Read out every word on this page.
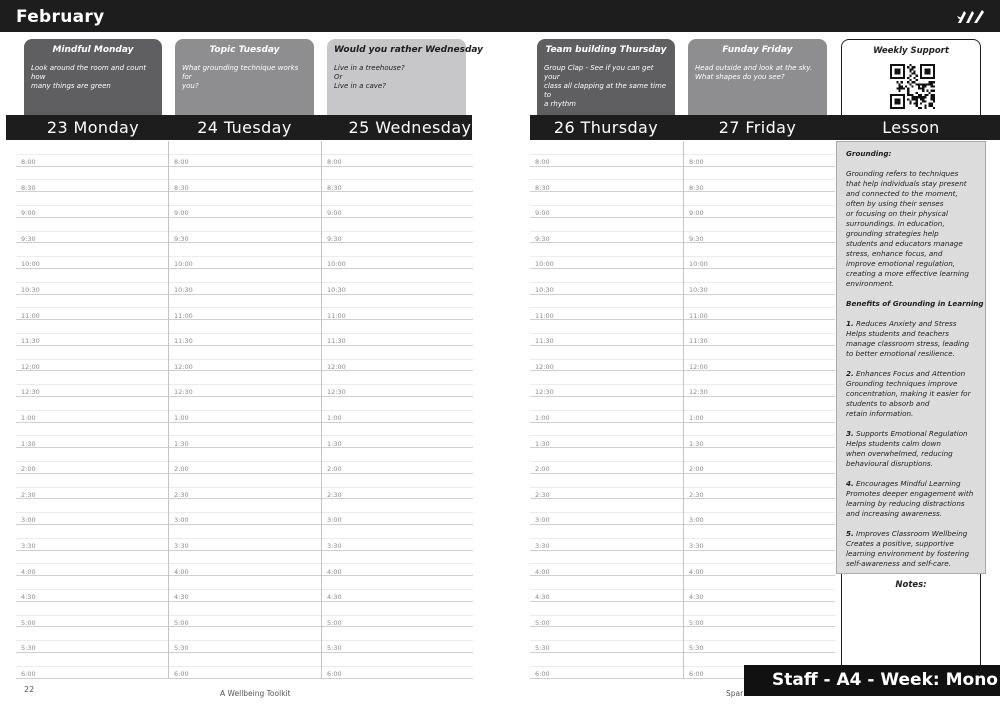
February
Mindful Monday
Look around the room and count how
many things are green
Topic Tuesday
What grounding technique works for
you?
Would you rather Wednesday
Live in a treehouse?
Or
Live in a cave?
Team building Thursday
Group Clap - See if you can get your
class all clapping at the same time to
a rhythm
Funday Friday
Head outside and look at the sky.
What shapes do you see?
Weekly Support
23 Monday	24 Tuesday	25 Wednesday	26 Thursday	27 Friday	Lesson
8:00
8:30
9:00
9:30
10:00
10:30
11:00
11:30
12:00
12:30
1:00
1:30
2:00
2:30
3:00
3:30
4:00
4:30
5:00
5:30
6:00
8:00
8:30
9:00
9:30
10:00
10:30
11:00
11:30
12:00
12:30
1:00
1:30
2:00
2:30
3:00
3:30
4:00
4:30
5:00
5:30
6:00
8:00
8:30
9:00
9:30
10:00
10:30
11:00
11:30
12:00
12:30
1:00
1:30
2:00
2:30
3:00
3:30
4:00
4:30
5:00
5:30
6:00
8:00
8:30
9:00
9:30
10:00
10:30
11:00
11:30
12:00
12:30
1:00
1:30
2:00
2:30
3:00
3:30
4:00
4:30
5:00
5:30
6:00
8:00
8:30
9:00
9:30
10:00
10:30
11:00
11:30
12:00
12:30
1:00
1:30
2:00
2:30
3:00
3:30
4:00
4:30
5:00
5:30
6:00
Grounding:
Grounding refers to techniques
that help individuals stay present
and connected to the moment,
often by using their senses
or focusing on their physical
surroundings. In education,
grounding strategies help
students and educators manage
stress, enhance focus, and
improve emotional regulation,
creating a more effective learning
environment.
Benefits of Grounding in Learning
1. Reduces Anxiety and Stress
Helps students and teachers
manage classroom stress, leading
to better emotional resilience.
2. Enhances Focus and Attention
Grounding techniques improve
concentration, making it easier for
students to absorb and
retain information.
3. Supports Emotional Regulation
Helps students calm down
when overwhelmed, reducing
behavioural disruptions.
4. Encourages Mindful Learning
Promotes deeper engagement with
learning by reducing distractions
and increasing awareness.
5. Improves Classroom Wellbeing
Creates a positive, supportive
learning environment by fostering
self-awareness and self-care.
Notes:
22	A Wellbeing Toolkit	Spar
Staff - A4 - Week: Mono
